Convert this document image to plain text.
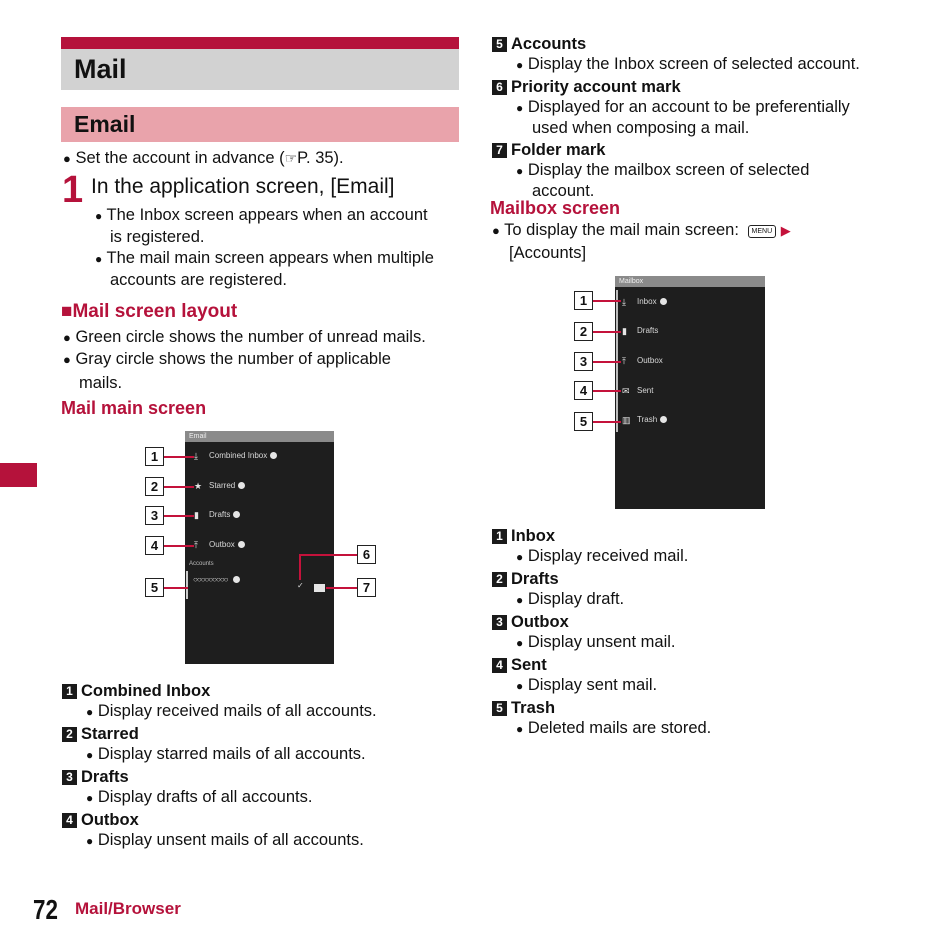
Mail
Email
● Set the account in advance (☞P. 35).
1 In the application screen, [Email]
● The Inbox screen appears when an account
is registered.
● The mail main screen appears when multiple
accounts are registered.
■Mail screen layout
● Green circle shows the number of unread mails.
● Gray circle shows the number of applicable
mails.
Mail main screen
Email
⤓ Combined Inbox
★ Starred
▮ Drafts
⤒ Outbox
Accounts
○○○○○○○○○
✓
1
2
3
4
5
6
7
1 Combined Inbox
● Display received mails of all accounts.
2 Starred
● Display starred mails of all accounts.
3 Drafts
● Display drafts of all accounts.
4 Outbox
● Display unsent mails of all accounts.
5 Accounts
● Display the Inbox screen of selected account.
6 Priority account mark
● Displayed for an account to be preferentially
used when composing a mail.
7 Folder mark
● Display the mailbox screen of selected
account.
Mailbox screen
● To display the mail main screen: MENU ▶
[Accounts]
Mailbox
⤓ Inbox
▮ Drafts
⤒ Outbox
✉ Sent
▥ Trash
1
2
3
4
5
1 Inbox
● Display received mail.
2 Drafts
● Display draft.
3 Outbox
● Display unsent mail.
4 Sent
● Display sent mail.
5 Trash
● Deleted mails are stored.
72 Mail/Browser
